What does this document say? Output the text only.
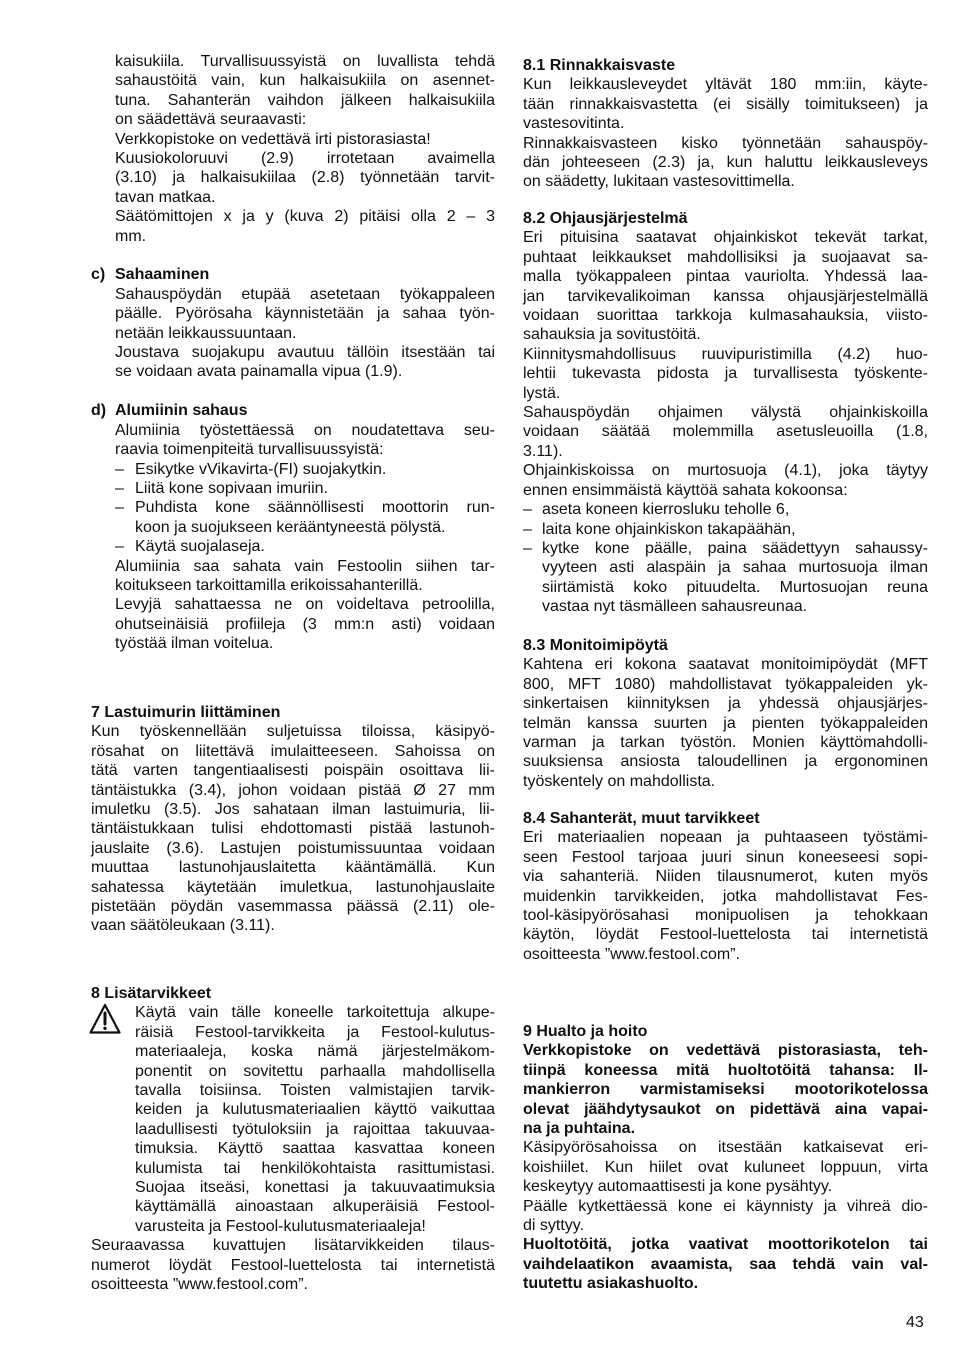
kaisukiila. Turvallisuussyistä on luvallista tehdä

sahaustöitä vain, kun halkaisukiila on asennet-

tuna. Sahanterän vaihdon jälkeen halkaisukiila

on säädettävä seuraavasti:

Verkkopistoke on vedettävä irti pistorasiasta!

Kuusiokoloruuvi (2.9) irrotetaan avaimella

(3.10) ja halkaisukiilaa (2.8) työnnetään tarvit-

tavan matkaa.

Säätömittojen x ja y (kuva 2) pitäisi olla 2 – 3

mm.

c) Sahaaminen

Sahauspöydän etupää asetetaan työkappaleen

päälle. Pyörösaha käynnistetään ja sahaa työn-

netään leikkaussuuntaan.

Joustava suojakupu avautuu tällöin itsestään tai

se voidaan avata painamalla vipua (1.9).

d) Alumiinin sahaus

Alumiinia työstettäessä on noudatettava seu-

raavia toimenpiteitä turvallisuussyistä:

– Esikytke vVikavirta-(FI) suojakytkin.

– Liitä kone sopivaan imuriin.

– Puhdista kone säännöllisesti moottorin run-

koon ja suojukseen kerääntyneestä pölystä.

– Käytä suojalaseja.

Alumiinia saa sahata vain Festoolin siihen tar-

koitukseen tarkoittamilla erikoissahanterillä.

Levyjä sahattaessa ne on voideltava petroolilla,

ohutseinäisiä profiileja (3 mm:n asti) voidaan

työstää ilman voitelua.

7 Lastuimurin liittäminen

Kun työskennellään suljetuissa tiloissa, käsipyö-

rösahat on liitettävä imulaitteeseen. Sahoissa on

tätä varten tangentiaalisesti poispäin osoittava lii-

täntäistukka (3.4), johon voidaan pistää Ø 27 mm

imuletku (3.5). Jos sahataan ilman lastuimuria, lii-

täntäistukkaan tulisi ehdottomasti pistää lastunoh-

jauslaite (3.6). Lastujen poistumissuuntaa voidaan

muuttaa lastunohjauslaitetta kääntämällä. Kun

sahatessa käytetään imuletkua, lastunohjauslaite

pistetään pöydän vasemmassa päässä (2.11) ole-

vaan säätöleukaan (3.11).

8 Lisätarvikkeet

Käytä vain tälle koneelle tarkoitettuja alkupe-

räisiä Festool-tarvikkeita ja Festool-kulutus-

materiaaleja, koska nämä järjestelmäkom-

ponentit on sovitettu parhaalla mahdollisella

tavalla toisiinsa. Toisten valmistajien tarvik-

keiden ja kulutusmateriaalien käyttö vaikuttaa

laadullisesti työtuloksiin ja rajoittaa takuuvaa-

timuksia. Käyttö saattaa kasvattaa koneen

kulumista tai henkilökohtaista rasittumistasi.

Suojaa itseäsi, konettasi ja takuuvaatimuksia

käyttämällä ainoastaan alkuperäisiä Festool-

varusteita ja Festool-kulutusmateriaaleja!

Seuraavassa kuvattujen lisätarvikkeiden tilaus-

numerot löydät Festool-luettelosta tai internetistä

osoitteesta ”www.festool.com”.

8.1 Rinnakkaisvaste

Kun leikkausleveydet yltävät 180 mm:iin, käyte-

tään rinnakkaisvastetta (ei sisälly toimitukseen) ja

vastesovitinta.

Rinnakkaisvasteen kisko työnnetään sahauspöy-

dän johteeseen (2.3) ja, kun haluttu leikkausleveys

on säädetty, lukitaan vastesovittimella.

8.2 Ohjausjärjestelmä

Eri pituisina saatavat ohjainkiskot tekevät tarkat,

puhtaat leikkaukset mahdollisiksi ja suojaavat sa-

malla työkappaleen pintaa vauriolta. Yhdessä laa-

jan tarvikevalikoiman kanssa ohjausjärjestelmällä

voidaan suorittaa tarkkoja kulmasahauksia, viisto-

sahauksia ja sovitustöitä.

Kiinnitysmahdollisuus ruuvipuristimilla (4.2) huo-

lehtii tukevasta pidosta ja turvallisesta työskente-

lystä.

Sahauspöydän ohjaimen välystä ohjainkiskoilla

voidaan säätää molemmilla asetusleuoilla (1.8,

3.11).

Ohjainkiskoissa on murtosuoja (4.1), joka täytyy

ennen ensimmäistä käyttöä sahata kokoonsa:

– aseta koneen kierrosluku teholle 6,

– laita kone ohjainkiskon takapäähän,

– kytke kone päälle, paina säädettyyn sahaussy-

vyyteen asti alaspäin ja sahaa murtosuoja ilman

siirtämistä koko pituudelta. Murtosuojan reuna

vastaa nyt täsmälleen sahausreunaa.

8.3 Monitoimipöytä

Kahtena eri kokona saatavat monitoimipöydät (MFT

800, MFT 1080) mahdollistavat työkappaleiden yk-

sinkertaisen kiinnityksen ja yhdessä ohjausjärjes-

telmän kanssa suurten ja pienten työkappaleiden

varman ja tarkan työstön. Monien käyttömahdolli-

suuksiensa ansiosta taloudellinen ja ergonominen

työskentely on mahdollista.

8.4 Sahanterät, muut tarvikkeet

Eri materiaalien nopeaan ja puhtaaseen työstämi-

seen Festool tarjoaa juuri sinun koneeseesi sopi-

via sahanteriä. Niiden tilausnumerot, kuten myös

muidenkin tarvikkeiden, jotka mahdollistavat Fes-

tool-käsipyörösahasi monipuolisen ja tehokkaan

käytön, löydät Festool-luettelosta tai internetistä

osoitteesta ”www.festool.com”.

9 Hualto ja hoito

Verkkopistoke on vedettävä pistorasiasta, teh-

tiinpä koneessa mitä huoltotöitä tahansa: Il-

mankierron varmistamiseksi mootorikotelossa

olevat jäähdytysaukot on pidettävä aina vapai-

na ja puhtaina.

Käsipyörösahoissa on itsestään katkaisevat eri-

koishiilet. Kun hiilet ovat kuluneet loppuun, virta

keskeytyy automaattisesti ja kone pysähtyy.

Päälle kytkettäessä kone ei käynnisty ja vihreä dio-

di syttyy.

Huoltotöitä, jotka vaativat moottorikotelon tai

vaihdelaatikon avaamista, saa tehdä vain val-

tuutettu asiakashuolto.

43
